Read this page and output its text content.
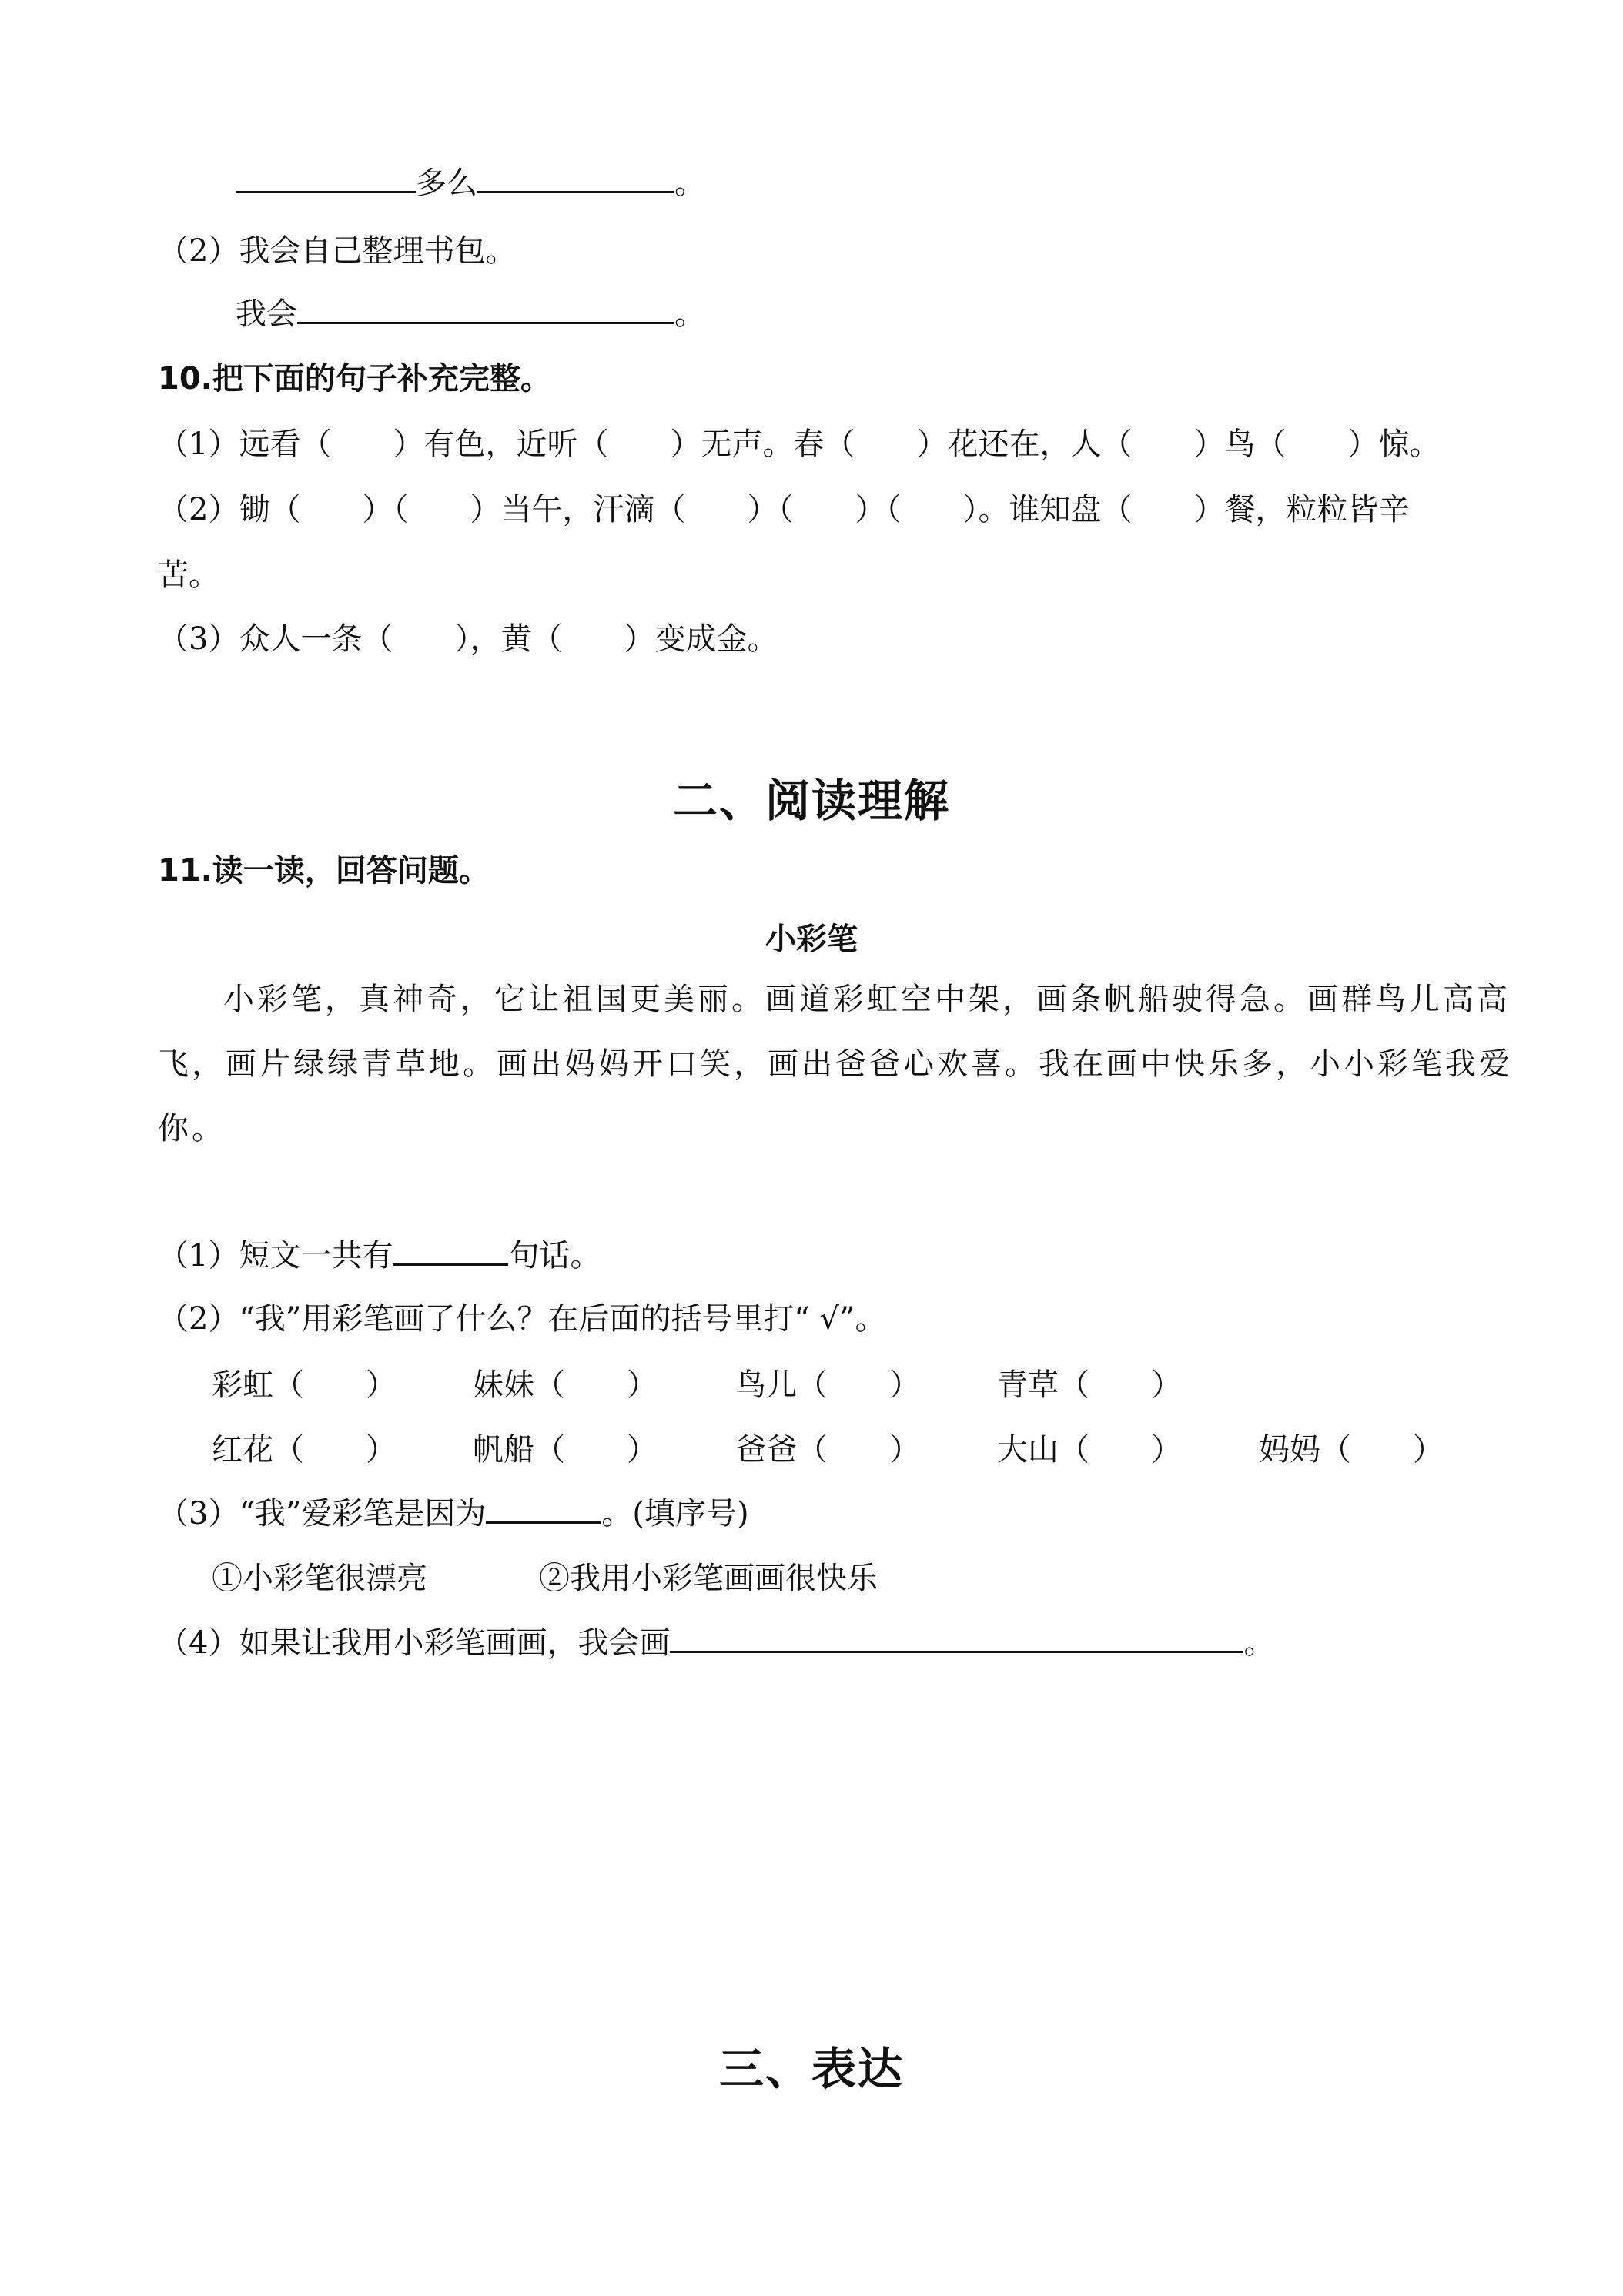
多么	。
（2）我会自己整理书包。
我会	。
10.把下面的句子补充完整。
（1）远看（　　）有色，近听（　　）无声。春（　　）花还在，人（　　）鸟（　　）惊。
（2）锄（　　）（　　）当午，汗滴（　　）（　　）（　　）。谁知盘（　　）餐，粒粒皆辛
苦。
（3）众人一条（　　），黄（　　）变成金。
二、阅读理解
11.读一读，回答问题。
小彩笔
小彩笔，真神奇，它让祖国更美丽。画道彩虹空中架，画条帆船驶得急。画群鸟儿高高
飞，画片绿绿青草地。画出妈妈开口笑，画出爸爸心欢喜。我在画中快乐多，小小彩笔我爱
你。
（1）短文一共有	句话。
（2）“我”用彩笔画了什么？在后面的括号里打“ √”。
彩虹（　　） 妹妹（　　）	鸟儿（　　）	青草（　　）
红花（　　） 帆船（　　）	爸爸（　　）	大山（　　）	妈妈（　　）
（3）“我”爱彩笔是因为	。(填序号)
①小彩笔很漂亮	②我用小彩笔画画很快乐
（4）如果让我用小彩笔画画，我会画	。
三、表达
